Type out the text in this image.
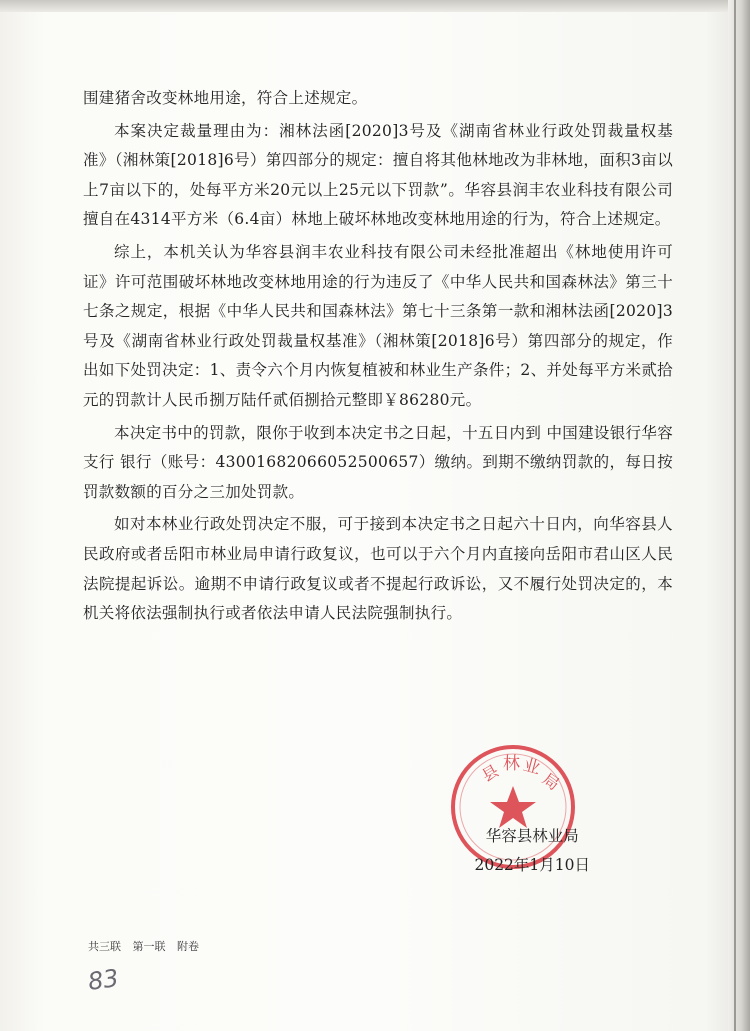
围建猪舍改变林地用途，符合上述规定。

本案决定裁量理由为：湘林法函[2020]3号及《湖南省林业行政处罚裁量权基准》（湘林策[2018]6号）第四部分的规定：擅自将其他林地改为非林地，面积3亩以上7亩以下的，处每平方米20元以上25元以下罚款”。华容县润丰农业科技有限公司擅自在4314平方米（6.4亩）林地上破坏林地改变林地用途的行为，符合上述规定。

综上，本机关认为华容县润丰农业科技有限公司未经批准超出《林地使用许可证》许可范围破坏林地改变林地用途的行为违反了《中华人民共和国森林法》第三十七条之规定，根据《中华人民共和国森林法》第七十三条第一款和湘林法函[2020]3号及《湖南省林业行政处罚裁量权基准》（湘林策[2018]6号）第四部分的规定，作出如下处罚决定：1、责令六个月内恢复植被和林业生产条件；2、并处每平方米贰拾元的罚款计人民币捌万陆仟贰佰捌拾元整即￥86280元。

本决定书中的罚款，限你于收到本决定书之日起，十五日内到 中国建设银行华容支行 银行（账号：43001682066052500657）缴纳。到期不缴纳罚款的，每日按罚款数额的百分之三加处罚款。

如对本林业行政处罚决定不服，可于接到本决定书之日起六十日内，向华容县人民政府或者岳阳市林业局申请行政复议，也可以于六个月内直接向岳阳市君山区人民法院提起诉讼。逾期不申请行政复议或者不提起行政诉讼，又不履行处罚决定的，本机关将依法强制执行或者依法申请人民法院强制执行。

县 林 业
局
华容县林业局
2022年1月10日
共三联 第一联 附卷
83
